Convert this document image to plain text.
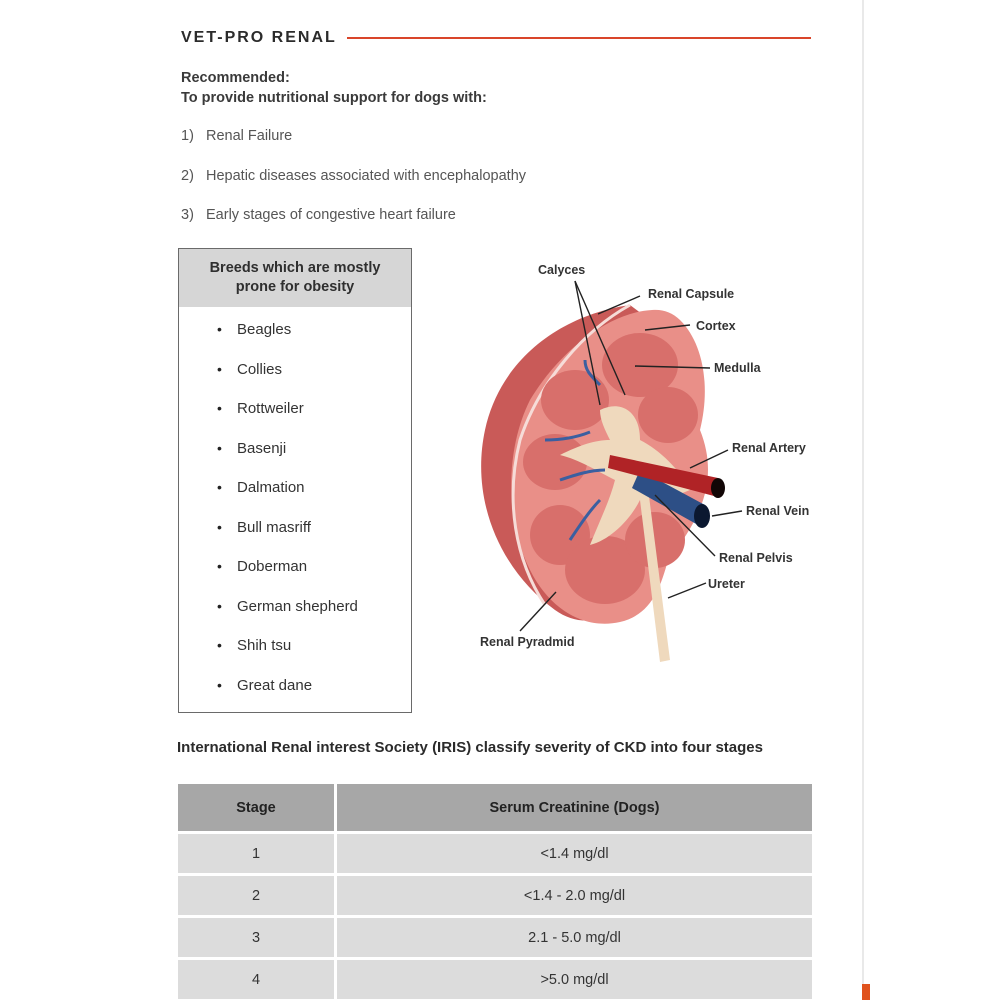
VET-PRO RENAL
Recommended:
To provide nutritional support for dogs with:
1) Renal Failure
2) Hepatic diseases associated with encephalopathy
3) Early stages of congestive heart failure
Breeds which are mostly prone for obesity
•	Beagles
•	Collies
•	Rottweiler
•	Basenji
•	Dalmation
•	Bull masriff
•	Doberman
•	German shepherd
•	Shih tsu
•	Great dane
Calyces
Renal Capsule
Cortex
Medulla
Renal Artery
Renal Vein
Renal Pelvis
Ureter
Renal Pyradmid
International Renal interest Society (IRIS) classify severity of CKD into four stages
Stage	Serum Creatinine (Dogs)
1	<1.4 mg/dl
2	<1.4 - 2.0 mg/dl
3	2.1 - 5.0 mg/dl
4	>5.0 mg/dl
